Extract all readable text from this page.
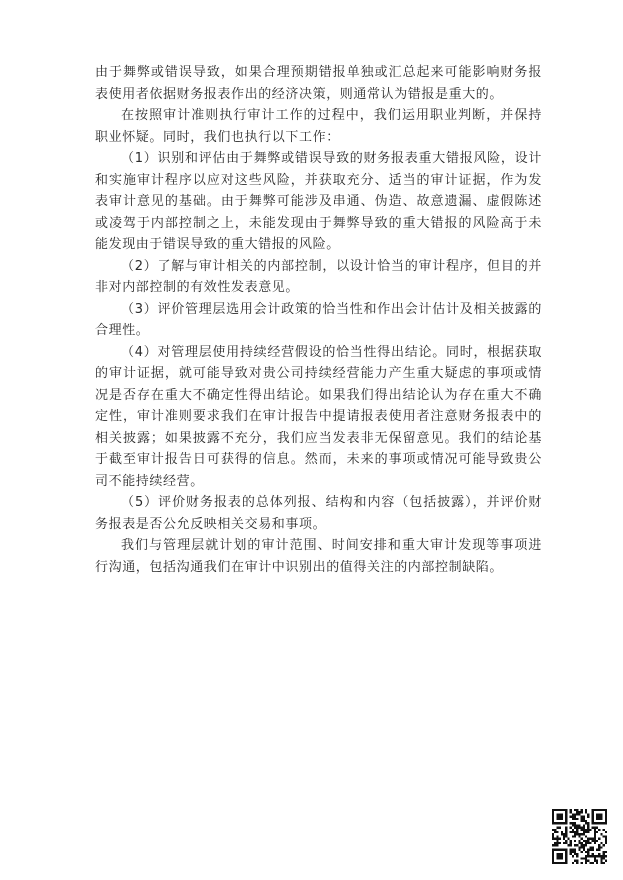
由于舞弊或错误导致，如果合理预期错报单独或汇总起来可能影响财务报表使用者依据财务报表作出的经济决策，则通常认为错报是重大的。

在按照审计准则执行审计工作的过程中，我们运用职业判断，并保持职业怀疑。同时，我们也执行以下工作：

（1）识别和评估由于舞弊或错误导致的财务报表重大错报风险，设计和实施审计程序以应对这些风险，并获取充分、适当的审计证据，作为发表审计意见的基础。由于舞弊可能涉及串通、伪造、故意遗漏、虚假陈述或凌驾于内部控制之上，未能发现由于舞弊导致的重大错报的风险高于未能发现由于错误导致的重大错报的风险。

（2）了解与审计相关的内部控制，以设计恰当的审计程序，但目的并非对内部控制的有效性发表意见。

（3）评价管理层选用会计政策的恰当性和作出会计估计及相关披露的合理性。

（4）对管理层使用持续经营假设的恰当性得出结论。同时，根据获取的审计证据，就可能导致对贵公司持续经营能力产生重大疑虑的事项或情况是否存在重大不确定性得出结论。如果我们得出结论认为存在重大不确定性，审计准则要求我们在审计报告中提请报表使用者注意财务报表中的相关披露；如果披露不充分，我们应当发表非无保留意见。我们的结论基于截至审计报告日可获得的信息。然而，未来的事项或情况可能导致贵公司不能持续经营。

（5）评价财务报表的总体列报、结构和内容（包括披露），并评价财务报表是否公允反映相关交易和事项。

我们与管理层就计划的审计范围、时间安排和重大审计发现等事项进行沟通，包括沟通我们在审计中识别出的值得关注的内部控制缺陷。
